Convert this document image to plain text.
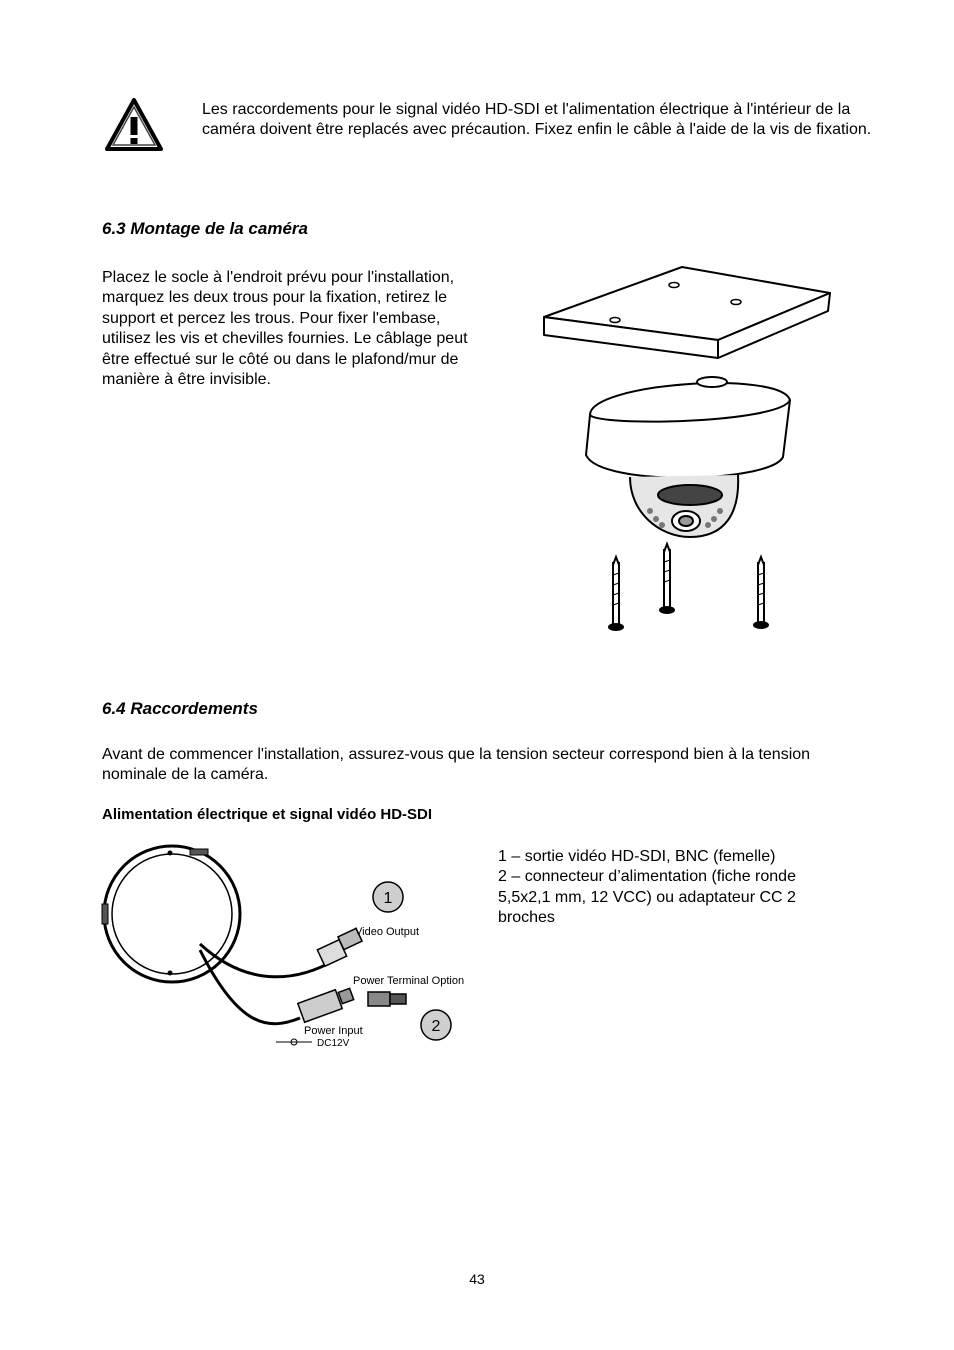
Les raccordements pour le signal vidéo HD-SDI et l'alimentation électrique à l'intérieur de la caméra doivent être replacés avec précaution. Fixez enfin le câble à l'aide de la vis de fixation.
6.3 Montage de la caméra
Placez le socle à l'endroit prévu pour l'installation, marquez les deux trous pour la fixation, retirez le support et percez les trous. Pour fixer l'embase, utilisez les vis et chevilles fournies. Le câblage peut être effectué sur le côté ou dans le plafond/mur de manière à être invisible.
6.4 Raccordements
Avant de commencer l'installation, assurez-vous que la tension secteur correspond bien à la tension nominale de la caméra.
Alimentation électrique et signal vidéo HD-SDI
1
2
Video Output
Power Terminal Option
Power Input
DC12V
1 – sortie vidéo HD-SDI, BNC (femelle)
2 – connecteur d’alimentation (fiche ronde 5,5x2,1 mm, 12 VCC) ou adaptateur CC 2 broches
43
